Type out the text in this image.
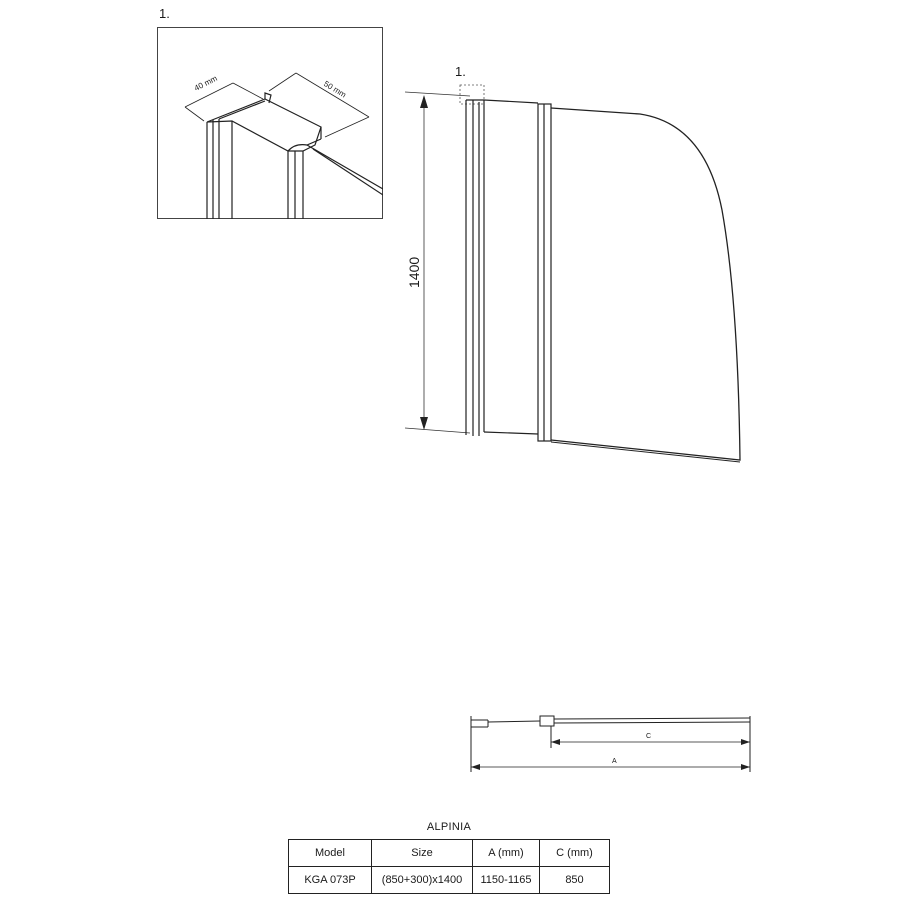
1.
40 mm	50 mm
1400
1.
C
A
ALPINIA
Model	Size	A (mm)	C (mm)
KGA 073P	(850+300)x1400	1150-1165	850
